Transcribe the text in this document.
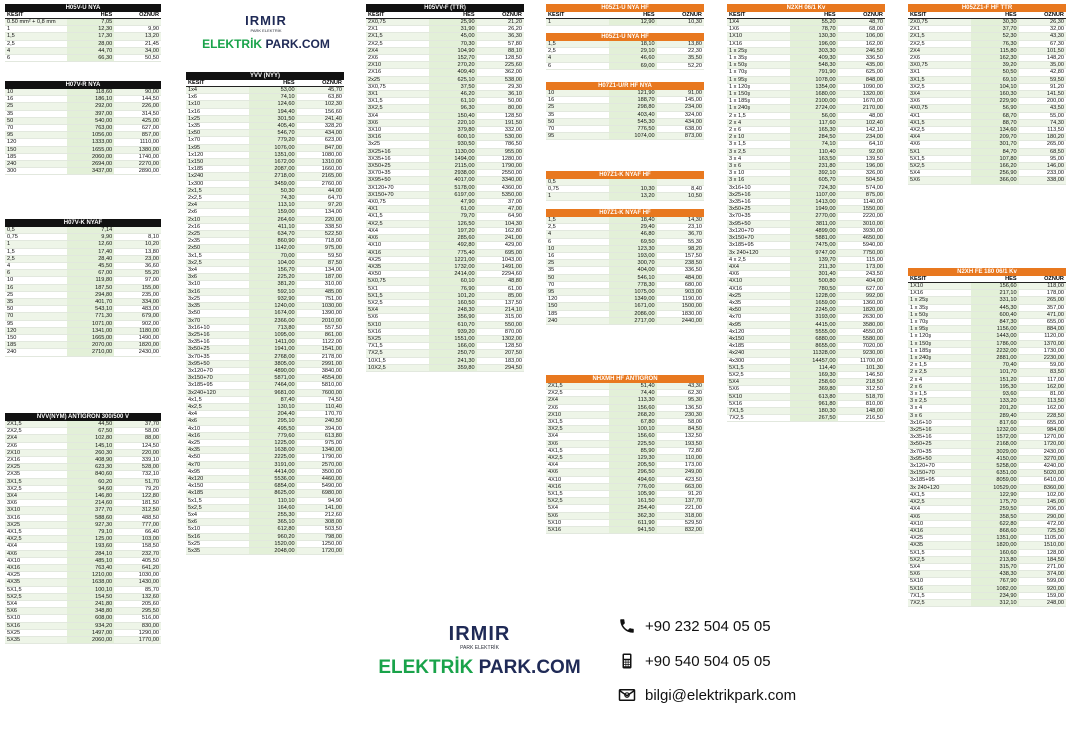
IRMIR
PARK ELEKTRİK
ELEKTRİK PARK.COM
IRMIR
PARK ELEKTRİK
ELEKTRİK PARK.COM
+90 232 504 05 05
+90 540 504 05 05
bilgi@elektrikpark.com
H05V-U NYA
KESİT	HES	ÖZNUR
0.50 mm² + 0,8 mm	7,05	
1	12,30	9,90
1,5	17,30	13,20
2,5	28,00	21,45
4	44,70	34,00
6	66,30	50,50
H07V-R NYA
10	118,60	90,00
16	186,10	144,50
25	292,00	226,00
35	397,00	314,50
50	540,00	425,00
70	763,00	627,00
95	1056,00	857,00
120	1333,00	1110,00
150	1655,00	1380,00
185	2060,00	1740,00
240	2694,00	2270,00
300	3437,00	2890,00
H07V-K NYAF
0,5	7,14	
0,75	9,90	8,10
1	12,60	10,20
1,5	17,40	13,80
2,5	28,40	23,00
4	45,50	36,60
6	67,00	55,20
10	119,80	97,00
16	187,50	155,00
25	294,80	235,00
35	401,70	334,00
50	543,10	483,00
70	771,30	679,00
95	1071,00	902,00
120	1341,00	1180,00
150	1665,00	1490,00
185	2070,00	1820,00
240	2710,00	2430,00
NVV(NYM) ANTİGRON 300/500 V
2X1,5	44,50	37,70
2X2,5	67,50	58,00
2X4	102,80	88,00
2X6	145,10	124,50
2X10	260,30	220,00
2X16	408,90	339,10
2X25	623,30	528,00
2X35	840,60	732,10
3X1,5	60,20	51,70
3X2,5	94,60	79,20
3X4	146,80	122,80
3X6	214,60	181,50
3X10	377,70	312,50
3X16	588,60	488,50
3X25	927,30	777,00
4X1,5	79,10	66,40
4X2,5	125,00	103,00
4X4	193,60	158,50
4X6	284,10	232,70
4X10	485,10	405,50
4X16	763,40	641,20
4X25	1210,00	1030,00
4X35	1638,00	1430,00
5X1,5	100,10	85,70
5X2,5	154,50	132,60
5X4	241,80	205,60
5X6	348,80	295,50
5X10	608,00	516,00
5X16	934,20	830,00
5X25	1497,00	1290,00
5X35	2060,00	1770,00
YVV (NYY)
KESİT	HES	ÖZNUR
1x4	53,00	45,70
1x6	74,10	63,80
1x10	124,60	102,30
1x16	194,40	156,60
1x25	301,50	241,40
1x35	405,40	328,20
1x50	546,70	434,00
1x70	779,20	623,00
1x95	1076,00	847,00
1x120	1351,00	1080,00
1x150	1672,00	1310,00
1x185	2087,00	1660,00
1x240	2718,00	2165,00
1x300	3459,00	2760,00
2x1,5	50,30	44,00
2x2,5	74,30	64,70
2x4	113,10	97,20
2x6	159,00	134,00
2x10	264,60	220,00
2x16	411,10	338,50
2x25	634,70	522,50
2x35	860,90	718,00
2x50	1142,00	975,00
3x1,5	70,00	59,50
3x2,5	104,00	87,50
3x4	156,70	134,00
3x6	225,20	187,00
3x10	381,20	310,00
3x16	592,10	485,00
3x25	932,90	751,00
3x35	1240,00	1030,00
3x50	1674,00	1390,00
3x70	2366,00	2010,00
3x16+10	713,80	557,50
3x25+16	1095,00	861,00
3x35+16	1411,00	1122,00
3x50+25	1941,00	1541,00
3x70+35	2768,00	2178,00
3x95+50	3805,00	2991,00
3x120+70	4890,00	3840,00
3x150+70	5871,00	4554,00
3x185+95	7464,00	5810,00
3x240+120	9681,00	7600,00
4x1,5	87,40	74,50
4x2,5	130,10	110,40
4x4	204,40	170,70
4x6	295,10	240,50
4x10	495,50	394,00
4x16	779,60	613,80
4x25	1225,00	975,00
4x35	1638,00	1340,00
4x50	2225,00	1790,00
4x70	3191,00	2570,00
4x95	4414,00	3500,00
4x120	5536,00	4460,00
4x150	6854,00	5490,00
4x185	8625,00	6980,00
5x1,5	110,10	94,90
5x2,5	164,60	141,00
5x4	255,30	212,60
5x6	365,10	308,00
5x10	612,80	503,50
5x16	960,20	798,00
5x25	1520,00	1250,00
5x35	2048,00	1720,00
H05VV-F (TTR)
KESİT	HES	ÖZNUR
2X0,75	25,90	21,20
2X1	31,90	26,20
2X1,5	45,00	36,30
2X2,5	70,30	57,80
2X4	104,90	88,10
2X6	152,70	128,50
2X10	270,20	225,60
2X16	409,40	362,00
2x25	625,10	538,00
3X0,75	37,50	29,30
3X1	46,20	36,10
3X1,5	61,10	50,00
3X2,5	96,30	80,00
3X4	150,40	128,50
3X6	220,10	191,50
3X10	379,80	332,00
3X16	600,10	530,00
3x25	930,50	786,50
3X25+16	1130,00	955,00
3X35+16	1494,00	1280,00
3X50+25	2115,00	1790,00
3X70+35	2938,00	2550,00
3X95+50	4017,00	3340,00
3X120+70	5178,00	4360,00
3X150+70	6197,00	5350,00
4X0,75	47,90	37,00
4X1	61,00	47,00
4X1,5	79,70	64,90
4X2,5	126,50	104,30
4X4	197,20	162,80
4X6	285,60	241,00
4X10	492,80	429,00
4X16	775,40	695,00
4X25	1221,00	1043,00
4X35	1732,00	1491,00
4X50	2414,00	2294,60
5X0,75	60,10	48,80
5X1	76,90	61,00
5X1,5	101,20	85,00
5X2,5	160,50	137,50
5X4	248,30	214,10
5X6	356,90	315,00
5X10	610,70	550,00
5X16	939,20	870,00
5X25	1551,00	1302,00
7X1,5	166,00	128,50
7X2,5	250,70	207,50
10X1,5	241,30	183,00
10X2,5	359,80	294,50
H05Z1-U NYA HF
KESİT	HES	ÖZNUR
1	12,90	10,30
H05Z1-U NYA HF
1,5	18,10	13,80
2,5	29,10	22,30
4	46,60	35,50
6	69,00	52,20
H07Z1-U/R HF NYA
10	121,90	91,00
16	188,70	145,00
25	298,80	234,00
35	403,40	324,00
50	545,30	434,00
70	776,50	638,00
95	1074,00	873,00
H07Z1-K NYAF HF
0,5		
0,75	10,30	8,40
1	13,20	10,50
H07Z1-K NYAF HF
1,5	18,40	14,30
2,5	29,40	23,10
4	46,80	36,70
6	69,50	55,30
10	123,30	98,20
16	193,00	157,50
25	300,70	238,50
35	404,00	336,50
50	546,10	484,00
70	778,30	680,00
95	1075,00	903,00
120	1349,00	1190,00
150	1671,00	1500,00
185	2086,00	1830,00
240	2717,00	2440,00
NHXMH HF ANTİGRON
2X1,5	51,40	43,30
2X2,5	74,40	62,30
2X4	113,30	95,30
2X6	156,60	136,50
2X10	268,20	230,30
3X1,5	67,80	58,00
3X2,5	100,10	84,50
3X4	156,60	132,50
3X6	225,50	193,50
4X1,5	85,90	72,80
4X2,5	129,30	110,00
4X4	205,50	173,00
4X6	296,50	249,00
4X10	494,60	423,50
4X16	776,00	663,00
5X1,5	105,90	91,20
5X2,5	161,50	137,70
5X4	254,40	221,00
5X6	362,30	318,00
5X10	611,90	529,50
5X16	941,50	832,00
N2XH 06/1 Kv
KESİT	HES	ÖZNUR
1X4	55,20	48,70
1X6	78,70	68,00
1X10	130,30	106,00
1X16	196,00	162,00
1 x 25ş	303,30	246,50
1 x 35ş	409,30	336,50
1 x 50ş	548,30	435,00
1 x 70ş	791,90	625,00
1 x 95ş	1078,00	848,00
1 x 120ş	1354,00	1090,00
1 x 150ş	1680,00	1320,00
1 x 185ş	2100,00	1670,00
1 x 240ş	2724,00	2170,00
2 x 1,5	56,00	48,00
2 x 4	117,60	102,40
2 x 6	165,30	142,10
2 x 10	284,50	234,00
3 x 1,5	74,10	64,10
3 x 2,5	110,40	92,00
3 x 4	163,50	139,50
3 x 6	231,80	196,00
3 x 10	392,10	326,00
3 x 16	605,70	504,50
3x16+10	724,30	574,00
3x25+16	1107,00	875,00
3x35+16	1413,00	1140,00
3x50+25	1949,00	1550,00
3x70+35	2770,00	2220,00
3x95+50	3811,00	3010,00
3x120+70	4899,00	3930,00
3x150+70	5881,00	4650,00
3x185+95	7475,00	5940,00
3x 240+120	9747,00	7750,00
4 x 2,5	139,70	115,00
4X4	211,30	173,00
4X6	301,40	243,50
4X10	500,80	404,00
4X16	780,50	627,00
4x25	1228,00	992,00
4x35	1659,00	1360,00
4x50	2245,00	1820,00
4x70	3193,00	2630,00
4x95	4415,00	3580,00
4x120	5555,00	4550,00
4x150	6880,00	5580,00
4x185	8655,00	7020,00
4x240	11328,00	9230,00
4x300	14457,00	11700,00
5X1,5	114,40	101,30
5X2,5	169,30	146,50
5X4	258,60	218,50
5X6	369,80	312,50
5X10	613,80	518,70
5X16	961,80	810,00
7X1,5	180,30	148,00
7X2,5	267,50	216,50
H05ZZ1-F HF TTR
KESİT	HES	ÖZNUR
2X0,75	30,30	26,30
2X1	37,70	32,00
2X1,5	52,30	43,30
2X2,5	76,30	67,30
2X4	115,80	101,50
2X6	162,30	148,20
3X0,75	39,20	35,00
3X1	50,50	42,80
3X1,5	69,10	59,50
3X2,5	104,10	91,20
3X4	160,30	141,50
3X6	229,90	200,00
4X0,75	56,90	43,50
4X1	68,70	55,00
4X1,5	88,70	74,30
4X2,5	134,60	113,50
4X4	209,70	180,20
4X6	301,70	265,00
5X1	84,70	68,50
5X1,5	107,80	95,00
5X2,5	166,20	146,00
5X4	256,90	233,00
5X6	366,00	338,00
N2XH FE 180 06/1 Kv
KESİT	HES	ÖZNUR
1X10	156,60	118,00
1X16	217,10	178,00
1 x 25ş	331,10	265,00
1 x 35ş	445,30	357,00
1 x 50ş	600,40	471,00
1 x 70ş	847,30	655,00
1 x 95ş	1156,00	884,00
1 x 120ş	1443,00	1120,00
1 x 150ş	1786,00	1370,00
1 x 185ş	2232,00	1730,00
1 x 240ş	2881,00	2230,00
2 x 1,5	70,40	59,00
2 x 2,5	101,70	83,50
2 x 4	151,20	117,00
2 x 6	195,30	162,00
3 x 1,5	93,60	81,00
3 x 2,5	133,20	113,50
3 x 4	201,20	162,00
3 x 6	289,40	228,50
3x16+10	817,60	655,00
3x25+16	1232,00	984,00
3x35+16	1572,00	1270,00
3x50+25	2168,00	1720,00
3x70+35	3029,00	2430,00
3x95+50	4150,00	3270,00
3x120+70	5258,00	4240,00
3x150+70	6351,00	5020,00
3x185+95	8059,00	6410,00
3x 240+120	10529,00	8360,00
4X1,5	122,90	102,00
4X2,5	175,70	145,00
4X4	259,50	206,00
4X6	358,50	290,00
4X10	622,80	472,00
4X16	868,60	725,50
4X25	1351,00	1105,00
4X35	1820,00	1510,00
5X1,5	160,60	128,00
5X2,5	213,80	184,50
5X4	315,70	271,00
5X6	438,30	374,00
5X10	767,90	599,00
5X16	1082,00	920,00
7X1,5	234,90	159,00
7X2,5	312,10	248,00
